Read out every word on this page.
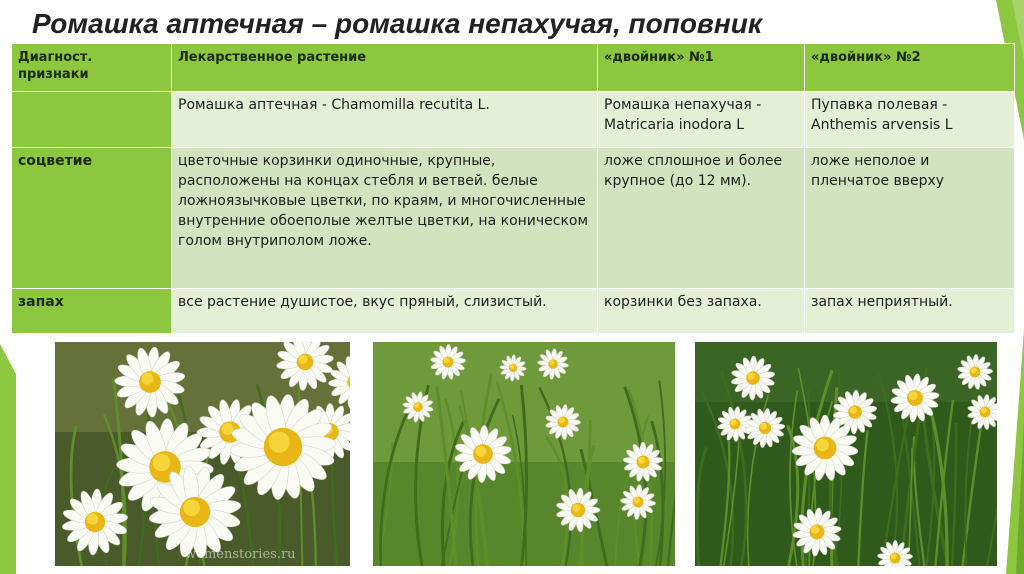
Ромашка аптечная – ромашка непахучая, поповник
Диагност. признаки	Лекарственное растение	«двойник» №1	«двойник» №2
	Ромашка аптечная - Chamomilla recutita L.	Ромашка непахучая - Matricaria inodora L	Пупавка полевая - Anthemis arvensis L
соцветие	цветочные корзинки одиночные, крупные, расположены на концах стебля и ветвей. белые ложноязычковые цветки, по краям, и многочисленные внутренние обоеполые желтые цветки, на коническом голом внутриполом ложе.	ложе сплошное и более крупное (до 12 мм).	ложе неполое и пленчатое вверху
запах	все растение душистое, вкус пряный, слизистый.	корзинки без запаха.	запах неприятный.
womenstories.ru
